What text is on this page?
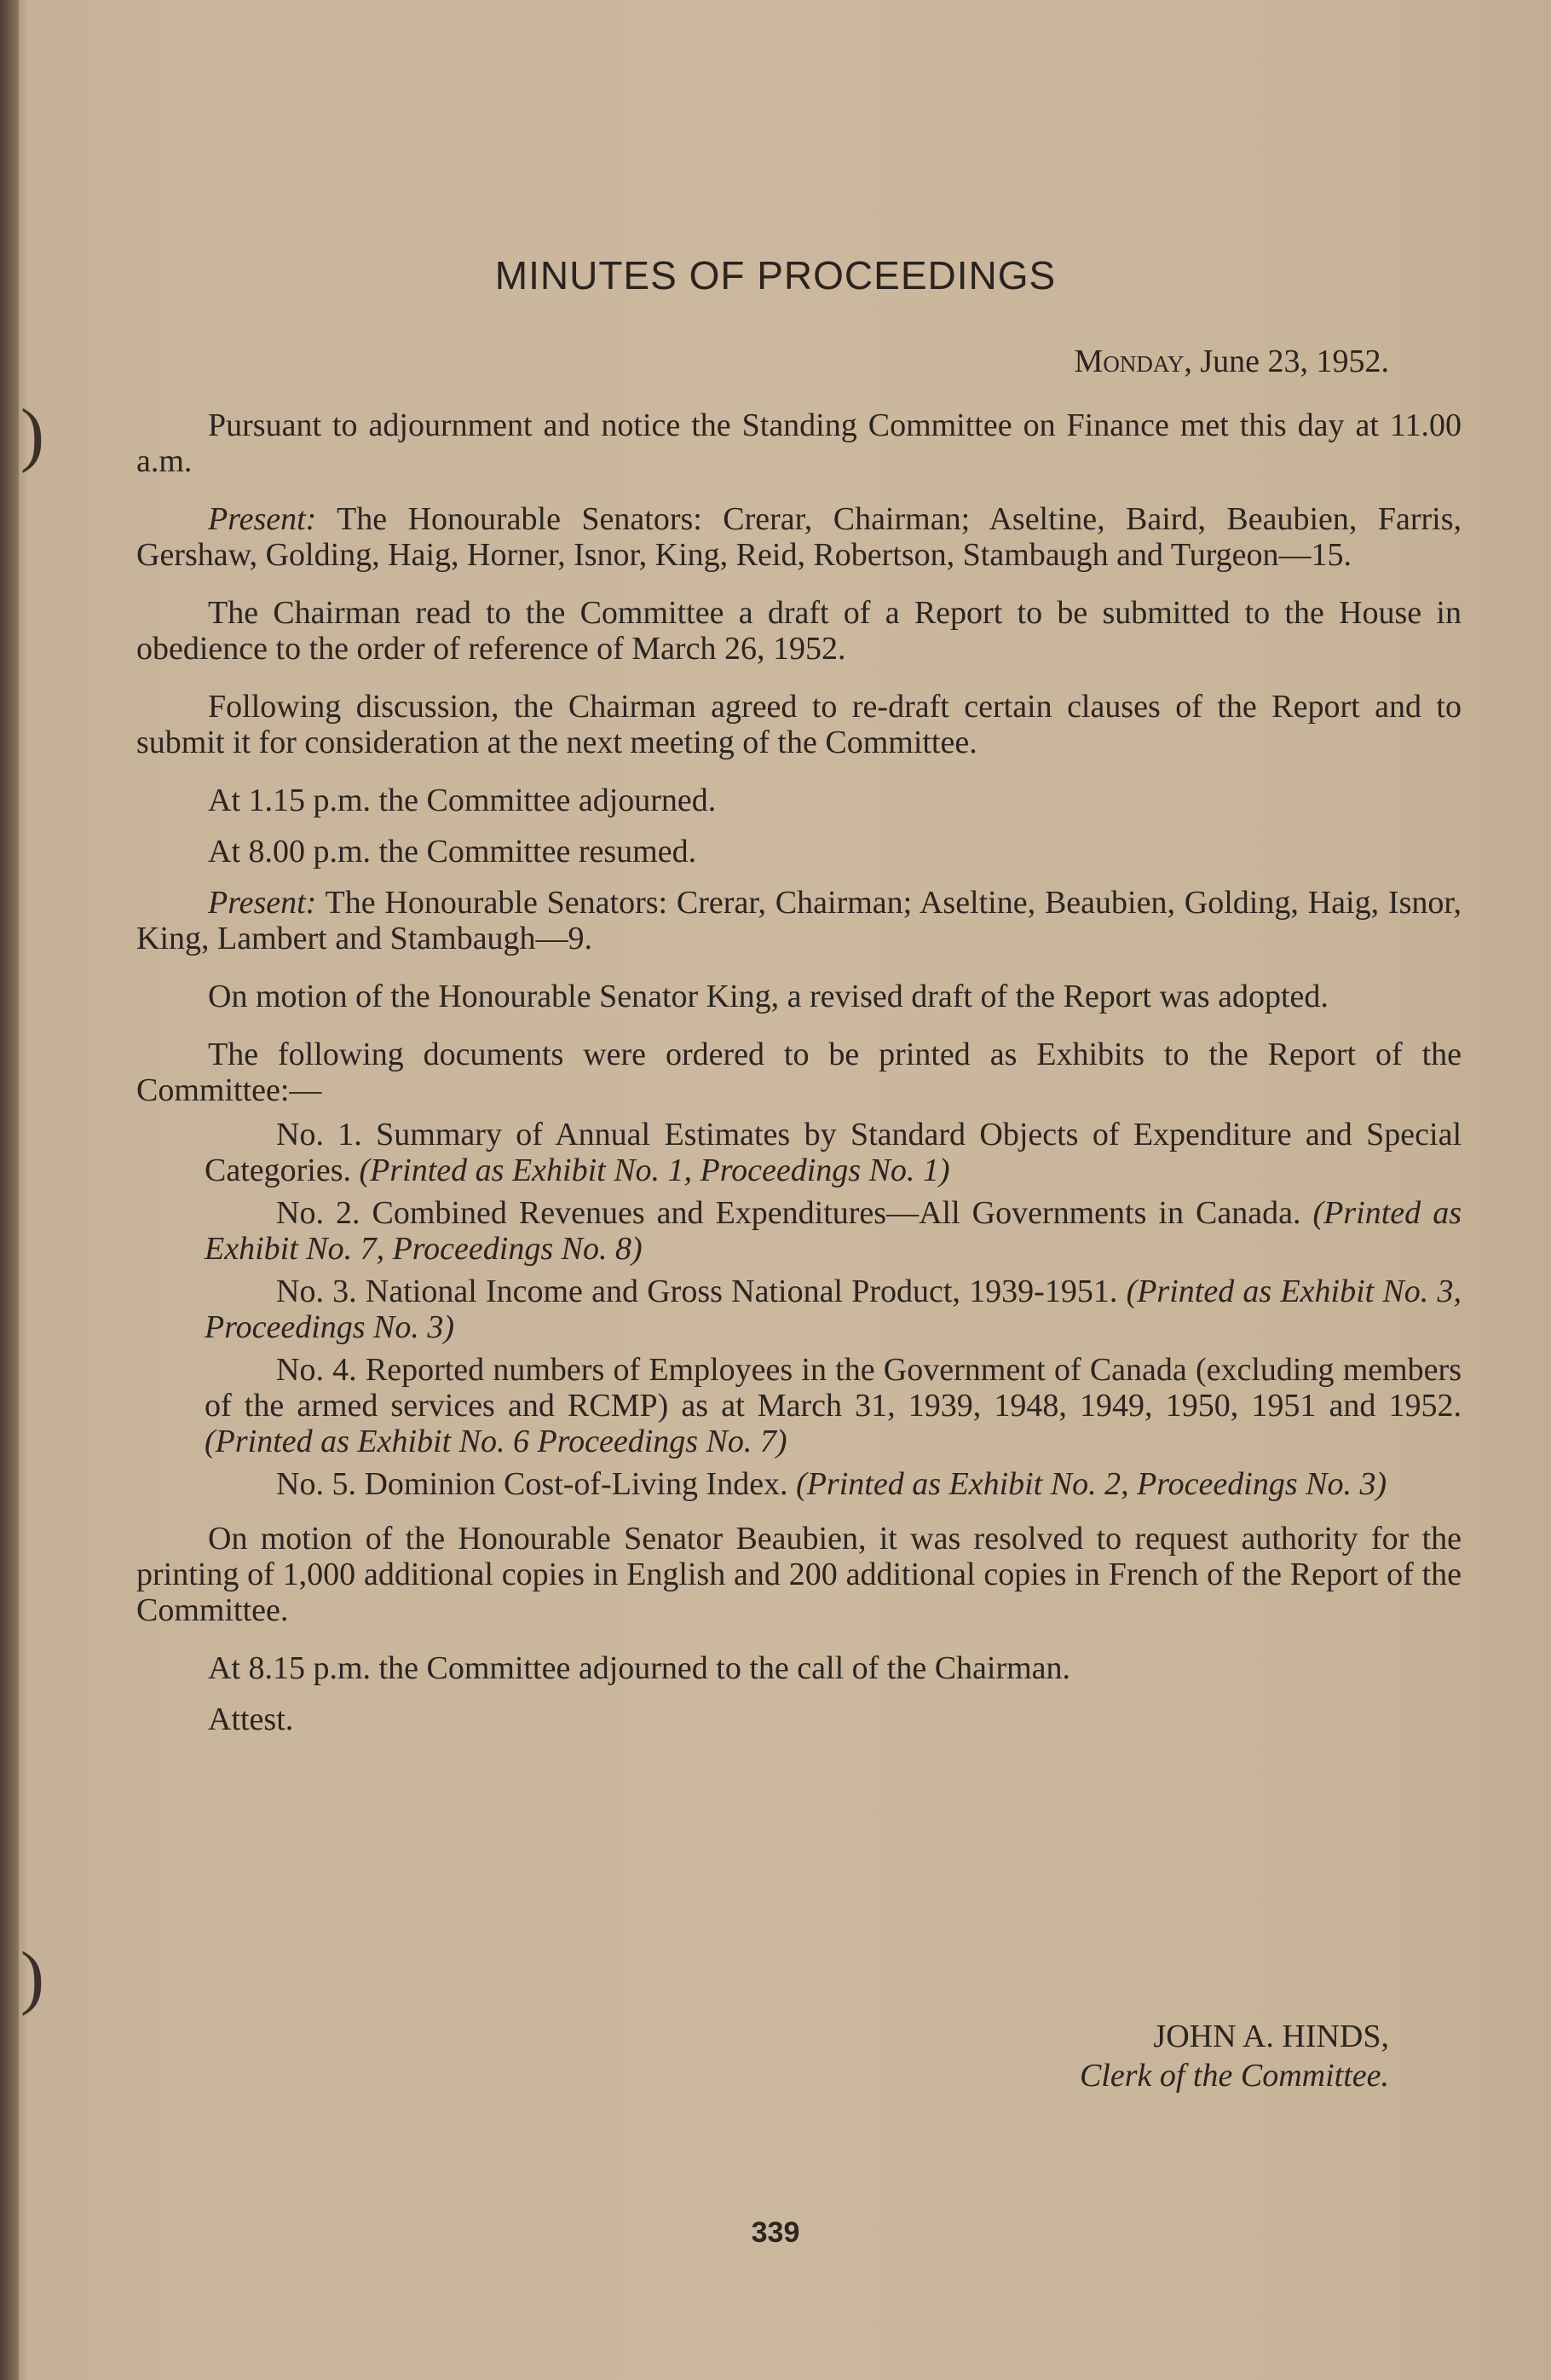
)
)
MINUTES OF PROCEEDINGS
Monday, June 23, 1952.

Pursuant to adjournment and notice the Standing Committee on Finance met this day at 11.00 a.m.

Present: The Honourable Senators: Crerar, Chairman; Aseltine, Baird, Beaubien, Farris, Gershaw, Golding, Haig, Horner, Isnor, King, Reid, Robertson, Stambaugh and Turgeon—15.

The Chairman read to the Committee a draft of a Report to be submitted to the House in obedience to the order of reference of March 26, 1952.

Following discussion, the Chairman agreed to re-draft certain clauses of the Report and to submit it for consideration at the next meeting of the Committee.

At 1.15 p.m. the Committee adjourned.

At 8.00 p.m. the Committee resumed.

Present: The Honourable Senators: Crerar, Chairman; Aseltine, Beaubien, Golding, Haig, Isnor, King, Lambert and Stambaugh—9.

On motion of the Honourable Senator King, a revised draft of the Report was adopted.

The following documents were ordered to be printed as Exhibits to the Report of the Committee:—

No. 1. Summary of Annual Estimates by Standard Objects of Expenditure and Special Categories. (Printed as Exhibit No. 1, Proceedings No. 1)

No. 2. Combined Revenues and Expenditures—All Governments in Canada. (Printed as Exhibit No. 7, Proceedings No. 8)

No. 3. National Income and Gross National Product, 1939-1951. (Printed as Exhibit No. 3, Proceedings No. 3)

No. 4. Reported numbers of Employees in the Government of Canada (excluding members of the armed services and RCMP) as at March 31, 1939, 1948, 1949, 1950, 1951 and 1952. (Printed as Exhibit No. 6 Proceedings No. 7)

No. 5. Dominion Cost-of-Living Index. (Printed as Exhibit No. 2, Proceedings No. 3)

On motion of the Honourable Senator Beaubien, it was resolved to request authority for the printing of 1,000 additional copies in English and 200 additional copies in French of the Report of the Committee.

At 8.15 p.m. the Committee adjourned to the call of the Chairman.

Attest.

JOHN A. HINDS,
Clerk of the Committee.
339
